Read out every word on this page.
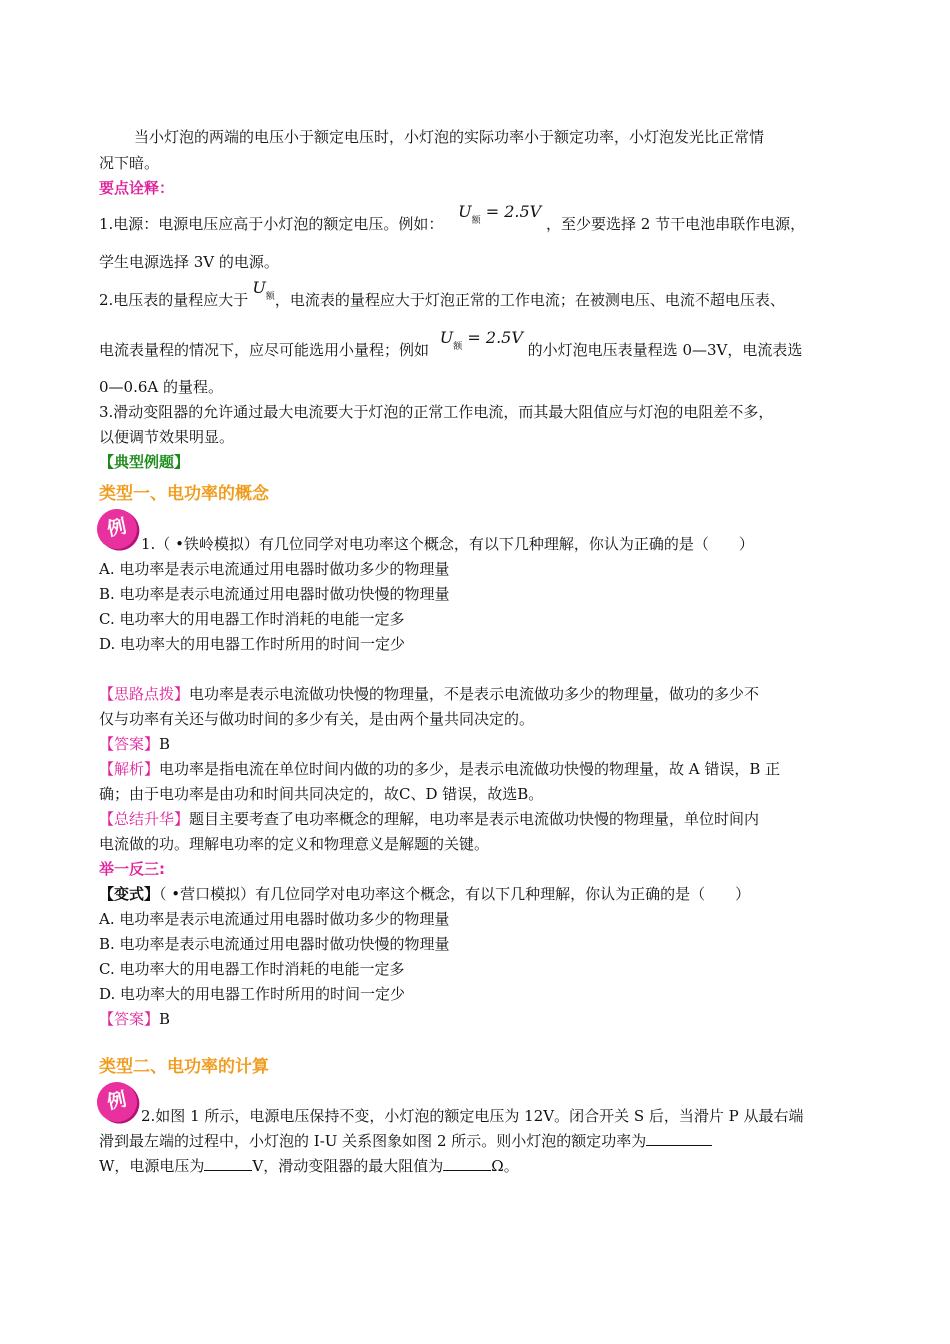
当小灯泡的两端的电压小于额定电压时，小灯泡的实际功率小于额定功率，小灯泡发光比正常情
况下暗。
要点诠释：
1.电源：电源电压应高于小灯泡的额定电压。例如： $U_额 = 2.5V$ ，至少要选择 2 节干电池串联作电源，
学生电源选择 3V 的电源。
2.电压表的量程应大于$U_额$，电流表的量程应大于灯泡正常的工作电流；在被测电压、电流不超电压表、
电流表量程的情况下，应尽可能选用小量程；例如 $U_额 = 2.5V$ 的小灯泡电压表量程选 0—3V，电流表选
0—0.6A 的量程。
3.滑动变阻器的允许通过最大电流要大于灯泡的正常工作电流，而其最大阻值应与灯泡的电阻差不多，
以便调节效果明显。
【典型例题】
类型一、电功率的概念
例
1.（ •铁岭模拟）有几位同学对电功率这个概念，有以下几种理解，你认为正确的是（　　）
A. 电功率是表示电流通过用电器时做功多少的物理量
B. 电功率是表示电流通过用电器时做功快慢的物理量
C. 电功率大的用电器工作时消耗的电能一定多
D. 电功率大的用电器工作时所用的时间一定少
【思路点拨】电功率是表示电流做功快慢的物理量，不是表示电流做功多少的物理量，做功的多少不
仅与功率有关还与做功时间的多少有关，是由两个量共同决定的。
【答案】B
【解析】电功率是指电流在单位时间内做的功的多少，是表示电流做功快慢的物理量，故 A 错误，B 正
确；由于电功率是由功和时间共同决定的，故C、D 错误，故选B。
【总结升华】题目主要考查了电功率概念的理解，电功率是表示电流做功快慢的物理量，单位时间内
电流做的功。理解电功率的定义和物理意义是解题的关键。
举一反三:
【变式】（ •营口模拟）有几位同学对电功率这个概念，有以下几种理解，你认为正确的是（　　）
A. 电功率是表示电流通过用电器时做功多少的物理量
B. 电功率是表示电流通过用电器时做功快慢的物理量
C. 电功率大的用电器工作时消耗的电能一定多
D. 电功率大的用电器工作时所用的时间一定少
【答案】B
类型二、电功率的计算
例
2.如图 1 所示，电源电压保持不变，小灯泡的额定电压为 12V。闭合开关 S 后，当滑片 P 从最右端
滑到最左端的过程中，小灯泡的 I-U 关系图象如图 2 所示。则小灯泡的额定功率为
W，电源电压为	V，滑动变阻器的最大阻值为	Ω。
